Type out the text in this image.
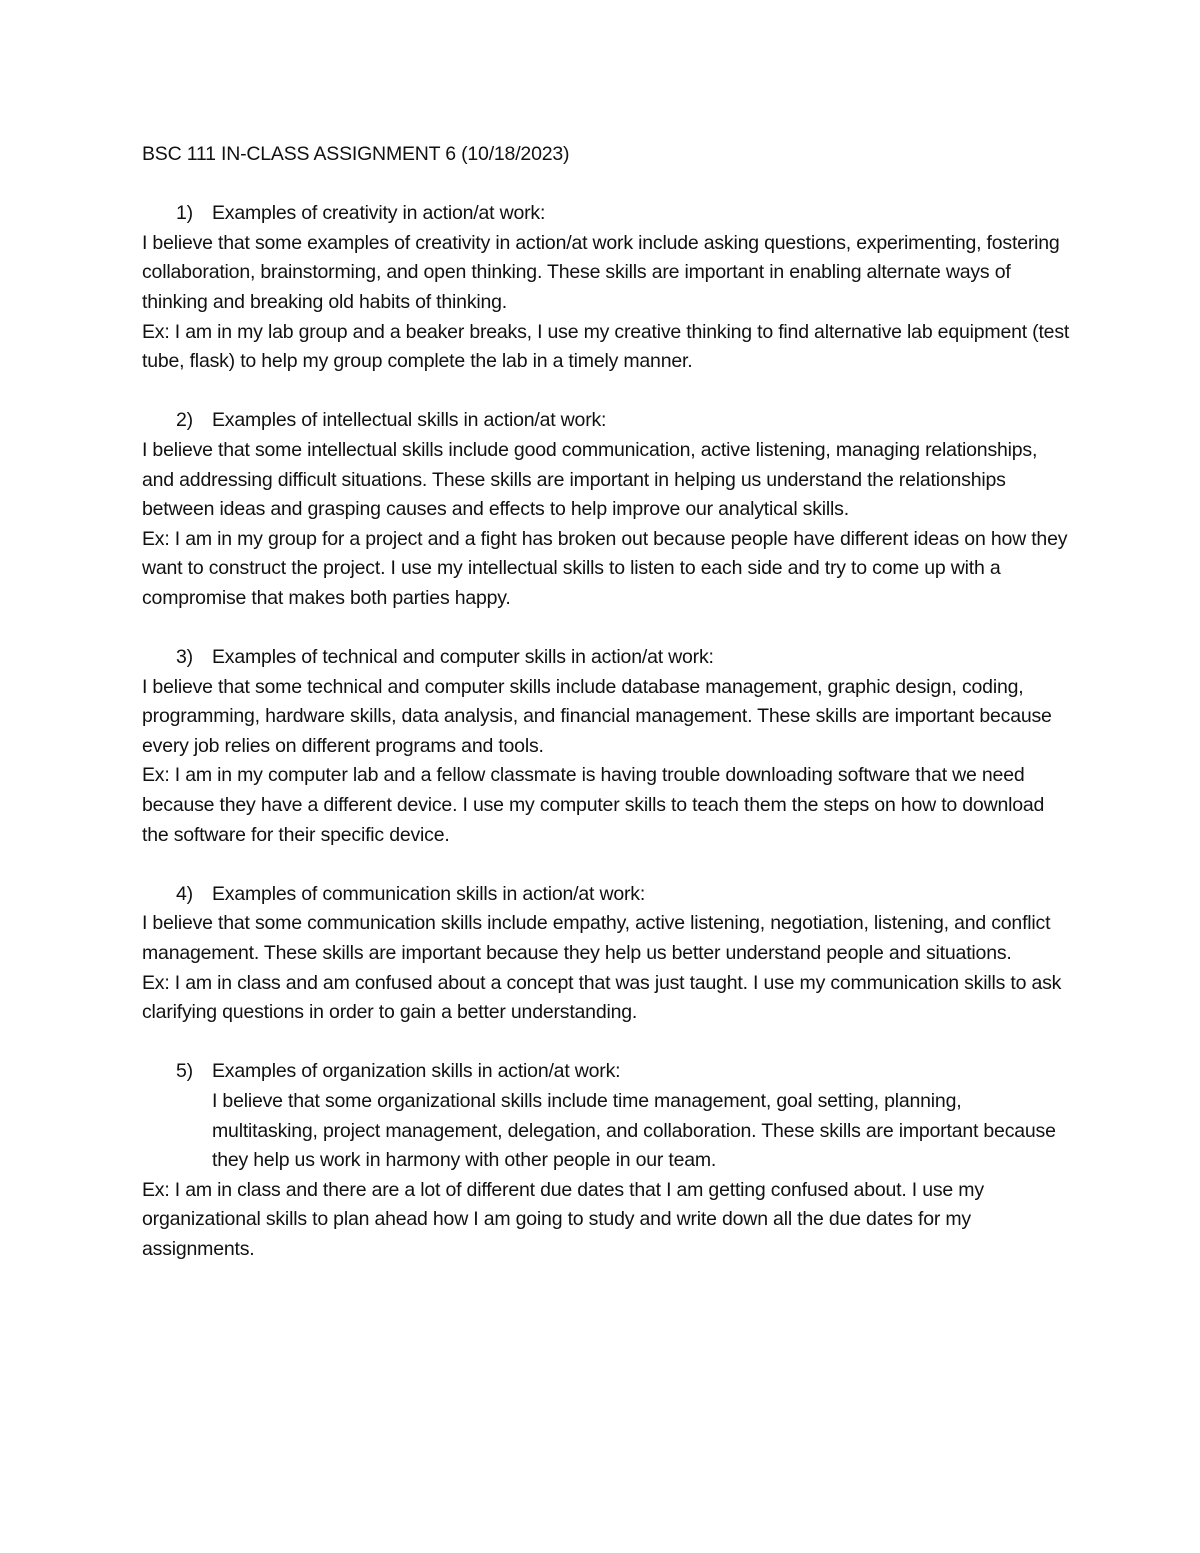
BSC 111 IN-CLASS ASSIGNMENT 6 (10/18/2023)

1) Examples of creativity in action/at work:

I believe that some examples of creativity in action/at work include asking questions, experimenting, fostering collaboration, brainstorming, and open thinking. These skills are important in enabling alternate ways of thinking and breaking old habits of thinking.

Ex: I am in my lab group and a beaker breaks, I use my creative thinking to find alternative lab equipment (test tube, flask) to help my group complete the lab in a timely manner.

2) Examples of intellectual skills in action/at work:

I believe that some intellectual skills include good communication, active listening, managing relationships, and addressing difficult situations. These skills are important in helping us understand the relationships between ideas and grasping causes and effects to help improve our analytical skills.

Ex: I am in my group for a project and a fight has broken out because people have different ideas on how they want to construct the project. I use my intellectual skills to listen to each side and try to come up with a compromise that makes both parties happy.

3) Examples of technical and computer skills in action/at work:

I believe that some technical and computer skills include database management, graphic design, coding, programming, hardware skills, data analysis, and financial management. These skills are important because every job relies on different programs and tools.

Ex: I am in my computer lab and a fellow classmate is having trouble downloading software that we need because they have a different device. I use my computer skills to teach them the steps on how to download the software for their specific device.

4) Examples of communication skills in action/at work:

I believe that some communication skills include empathy, active listening, negotiation, listening, and conflict management. These skills are important because they help us better understand people and situations.

Ex: I am in class and am confused about a concept that was just taught. I use my communication skills to ask clarifying questions in order to gain a better understanding.

5) Examples of organization skills in action/at work:

I believe that some organizational skills include time management, goal setting, planning, multitasking, project management, delegation, and collaboration. These skills are important because they help us work in harmony with other people in our team.

Ex: I am in class and there are a lot of different due dates that I am getting confused about. I use my organizational skills to plan ahead how I am going to study and write down all the due dates for my assignments.
